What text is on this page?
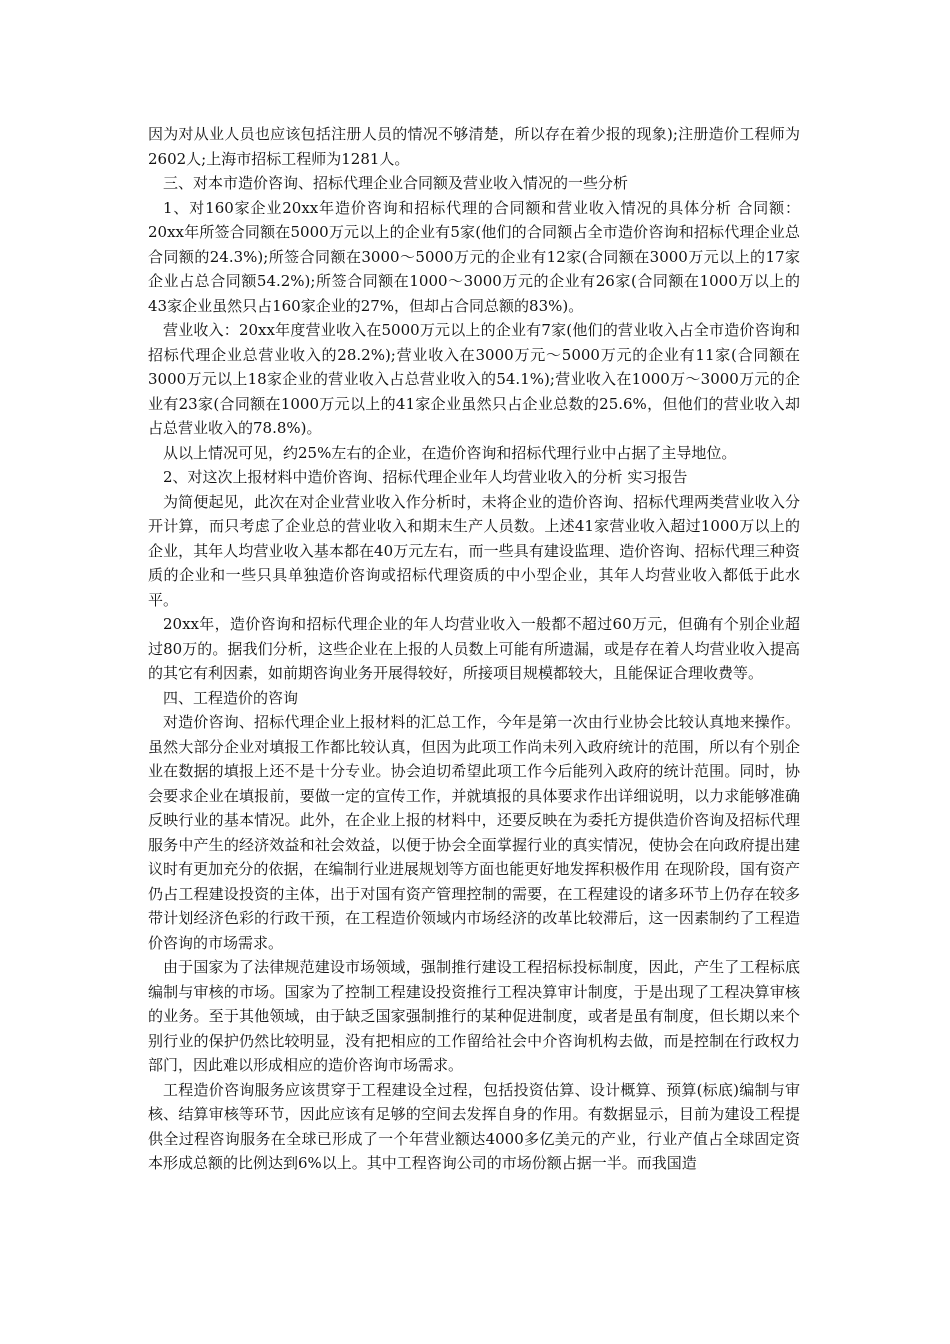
因为对从业人员也应该包括注册人员的情况不够清楚，所以存在着少报的现象);注册造价工程师为2602人;上海市招标工程师为1281人。

三、对本市造价咨询、招标代理企业合同额及营业收入情况的一些分析

1、对160家企业20xx年造价咨询和招标代理的合同额和营业收入情况的具体分析 合同额：20xx年所签合同额在5000万元以上的企业有5家(他们的合同额占全市造价咨询和招标代理企业总合同额的24.3%);所签合同额在3000～5000万元的企业有12家(合同额在3000万元以上的17家企业占总合同额54.2%);所签合同额在1000～3000万元的企业有26家(合同额在1000万以上的43家企业虽然只占160家企业的27%，但却占合同总额的83%)。

营业收入：20xx年度营业收入在5000万元以上的企业有7家(他们的营业收入占全市造价咨询和招标代理企业总营业收入的28.2%);营业收入在3000万元～5000万元的企业有11家(合同额在3000万元以上18家企业的营业收入占总营业收入的54.1%);营业收入在1000万～3000万元的企业有23家(合同额在1000万元以上的41家企业虽然只占企业总数的25.6%，但他们的营业收入却占总营业收入的78.8%)。

从以上情况可见，约25%左右的企业，在造价咨询和招标代理行业中占据了主导地位。

2、对这次上报材料中造价咨询、招标代理企业年人均营业收入的分析 实习报告

为简便起见，此次在对企业营业收入作分析时，未将企业的造价咨询、招标代理两类营业收入分开计算，而只考虑了企业总的营业收入和期末生产人员数。上述41家营业收入超过1000万以上的企业，其年人均营业收入基本都在40万元左右，而一些具有建设监理、造价咨询、招标代理三种资质的企业和一些只具单独造价咨询或招标代理资质的中小型企业，其年人均营业收入都低于此水平。

20xx年，造价咨询和招标代理企业的年人均营业收入一般都不超过60万元，但确有个别企业超过80万的。据我们分析，这些企业在上报的人员数上可能有所遗漏，或是存在着人均营业收入提高的其它有利因素，如前期咨询业务开展得较好，所接项目规模都较大，且能保证合理收费等。

四、工程造价的咨询

对造价咨询、招标代理企业上报材料的汇总工作，今年是第一次由行业协会比较认真地来操作。虽然大部分企业对填报工作都比较认真，但因为此项工作尚未列入政府统计的范围，所以有个别企业在数据的填报上还不是十分专业。协会迫切希望此项工作今后能列入政府的统计范围。同时，协会要求企业在填报前，要做一定的宣传工作，并就填报的具体要求作出详细说明，以力求能够准确反映行业的基本情况。此外，在企业上报的材料中，还要反映在为委托方提供造价咨询及招标代理服务中产生的经济效益和社会效益，以便于协会全面掌握行业的真实情况，使协会在向政府提出建议时有更加充分的依据，在编制行业进展规划等方面也能更好地发挥积极作用 在现阶段，国有资产仍占工程建设投资的主体，出于对国有资产管理控制的需要，在工程建设的诸多环节上仍存在较多带计划经济色彩的行政干预，在工程造价领域内市场经济的改革比较滞后，这一因素制约了工程造价咨询的市场需求。

由于国家为了法律规范建设市场领域，强制推行建设工程招标投标制度，因此，产生了工程标底编制与审核的市场。国家为了控制工程建设投资推行工程决算审计制度，于是出现了工程决算审核的业务。至于其他领域，由于缺乏国家强制推行的某种促进制度，或者是虽有制度，但长期以来个别行业的保护仍然比较明显，没有把相应的工作留给社会中介咨询机构去做，而是控制在行政权力部门，因此难以形成相应的造价咨询市场需求。

工程造价咨询服务应该贯穿于工程建设全过程，包括投资估算、设计概算、预算(标底)编制与审核、结算审核等环节，因此应该有足够的空间去发挥自身的作用。有数据显示，目前为建设工程提供全过程咨询服务在全球已形成了一个年营业额达4000多亿美元的产业，行业产值占全球固定资本形成总额的比例达到6%以上。其中工程咨询公司的市场份额占据一半。而我国造
